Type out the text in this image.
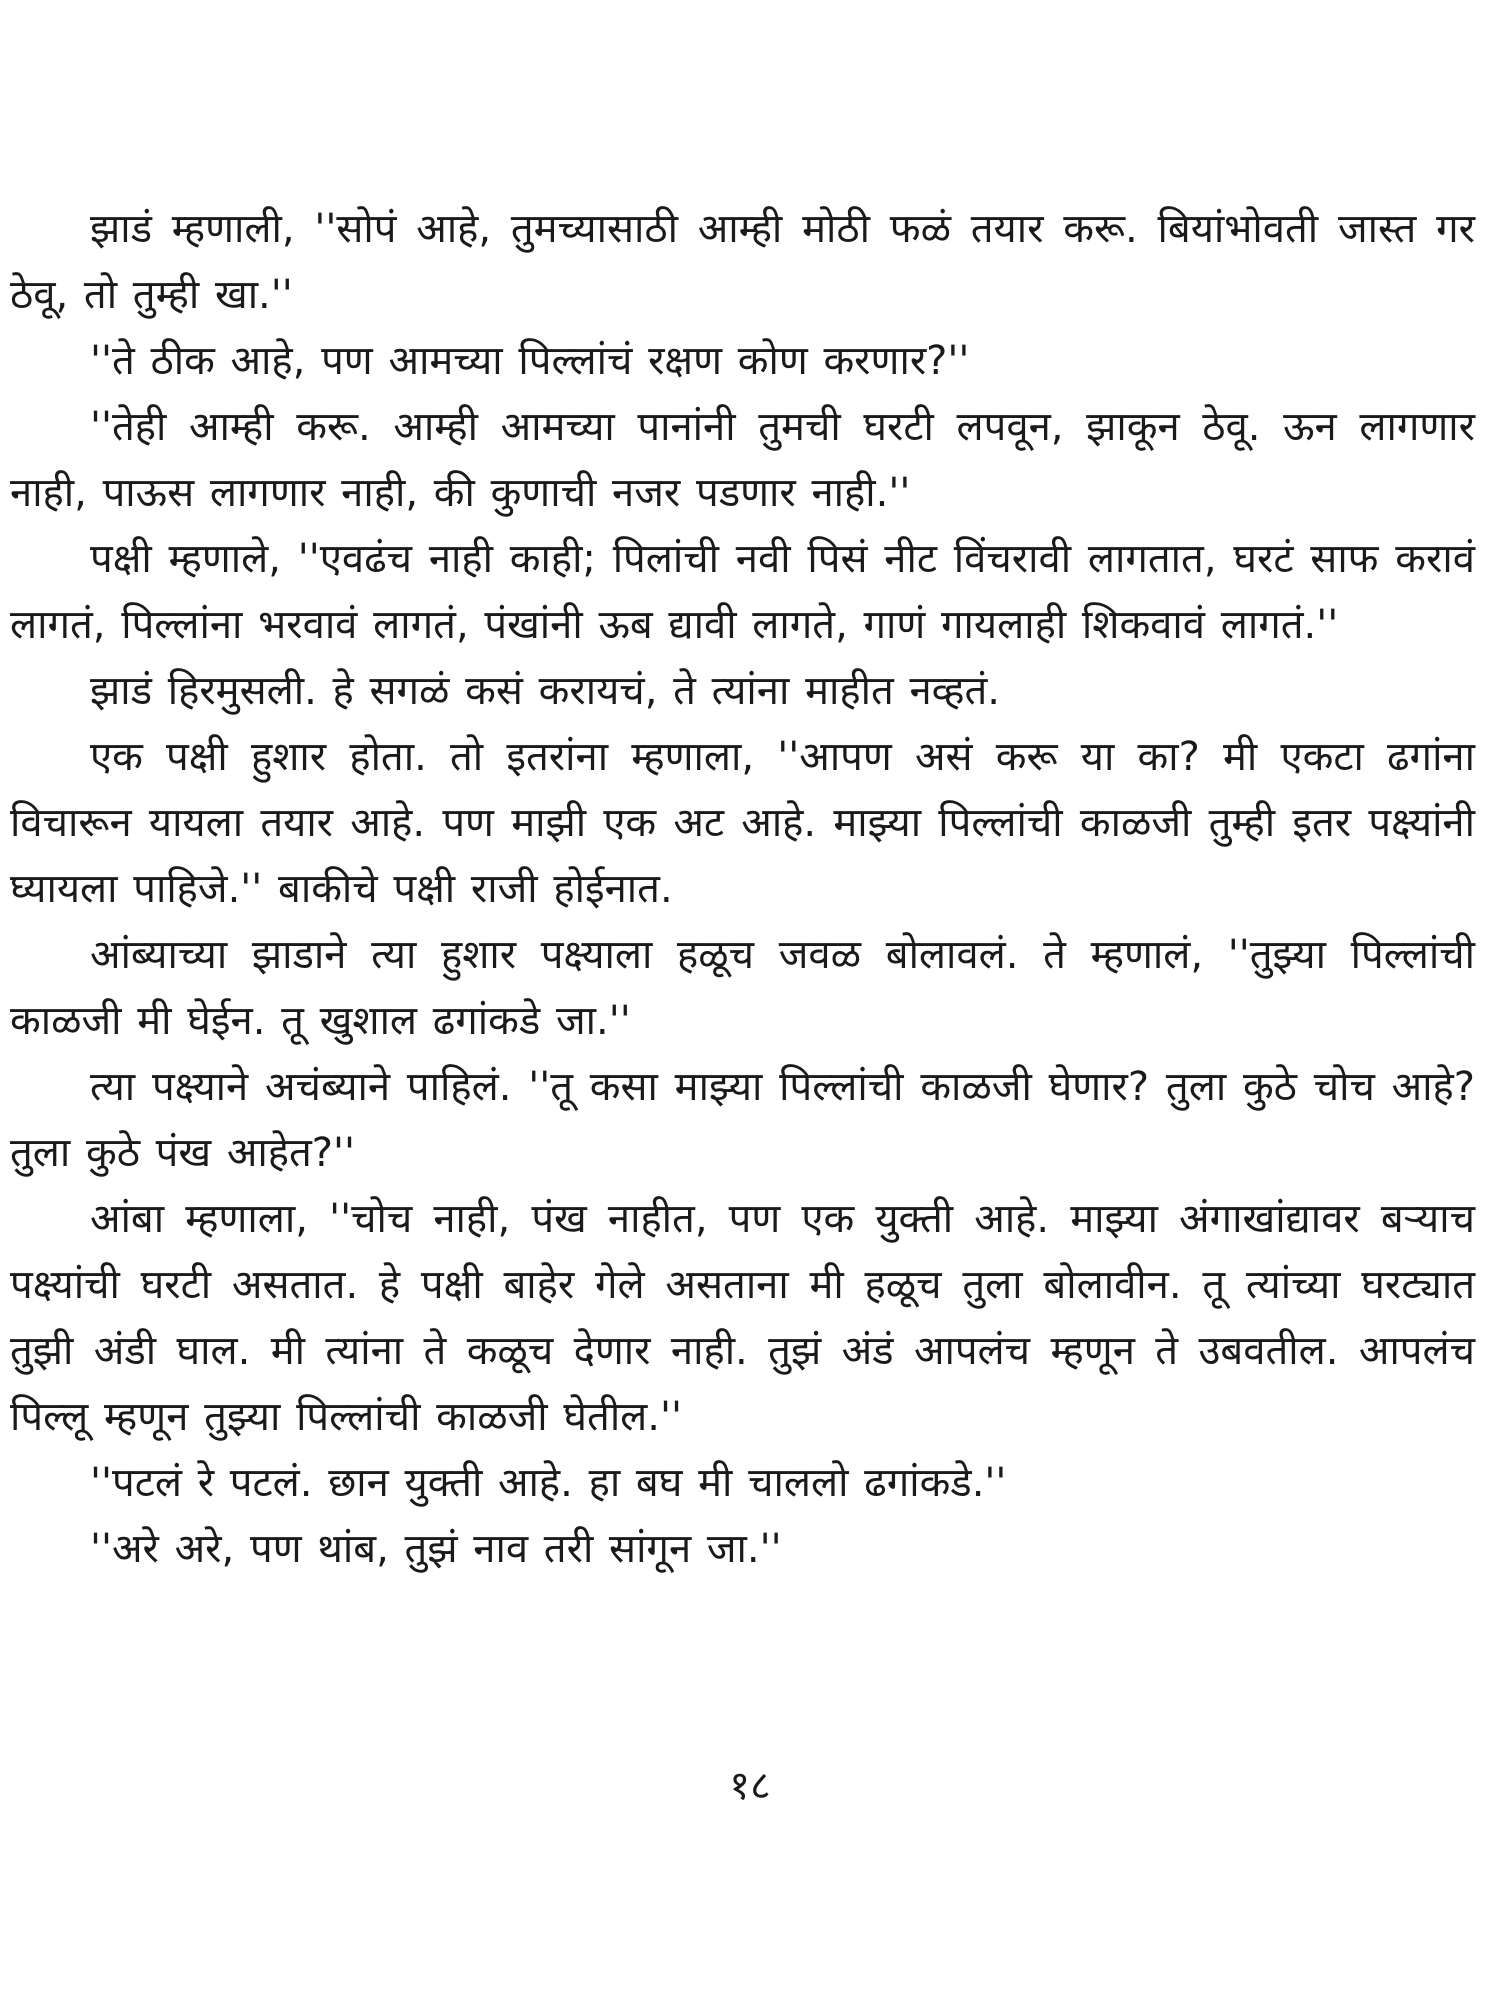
झाडं म्हणाली, ''सोपं आहे, तुमच्यासाठी आम्ही मोठी फळं तयार करू. बियांभोवती जास्त गर ठेवू, तो तुम्ही खा.''

''ते ठीक आहे, पण आमच्या पिल्लांचं रक्षण कोण करणार?''

''तेही आम्ही करू. आम्ही आमच्या पानांनी तुमची घरटी लपवून, झाकून ठेवू. ऊन लागणार नाही, पाऊस लागणार नाही, की कुणाची नजर पडणार नाही.''

पक्षी म्हणाले, ''एवढंच नाही काही; पिलांची नवी पिसं नीट विंचरावी लागतात, घरटं साफ करावं लागतं, पिल्लांना भरवावं लागतं, पंखांनी ऊब द्यावी लागते, गाणं गायलाही शिकवावं लागतं.''

झाडं हिरमुसली. हे सगळं कसं करायचं, ते त्यांना माहीत नव्हतं.

एक पक्षी हुशार होता. तो इतरांना म्हणाला, ''आपण असं करू या का? मी एकटा ढगांना विचारून यायला तयार आहे. पण माझी एक अट आहे. माझ्या पिल्लांची काळजी तुम्ही इतर पक्ष्यांनी घ्यायला पाहिजे.'' बाकीचे पक्षी राजी होईनात.

आंब्याच्या झाडाने त्या हुशार पक्ष्याला हळूच जवळ बोलावलं. ते म्हणालं, ''तुझ्या पिल्लांची काळजी मी घेईन. तू खुशाल ढगांकडे जा.''

त्या पक्ष्याने अचंब्याने पाहिलं. ''तू कसा माझ्या पिल्लांची काळजी घेणार? तुला कुठे चोच आहे? तुला कुठे पंख आहेत?''

आंबा म्हणाला, ''चोच नाही, पंख नाहीत, पण एक युक्ती आहे. माझ्या अंगाखांद्यावर बऱ्याच पक्ष्यांची घरटी असतात. हे पक्षी बाहेर गेले असताना मी हळूच तुला बोलावीन. तू त्यांच्या घरट्यात तुझी अंडी घाल. मी त्यांना ते कळूच देणार नाही. तुझं अंडं आपलंच म्हणून ते उबवतील. आपलंच पिल्लू म्हणून तुझ्या पिल्लांची काळजी घेतील.''

''पटलं रे पटलं. छान युक्ती आहे. हा बघ मी चाललो ढगांकडे.''

''अरे अरे, पण थांब, तुझं नाव तरी सांगून जा.''

१८
